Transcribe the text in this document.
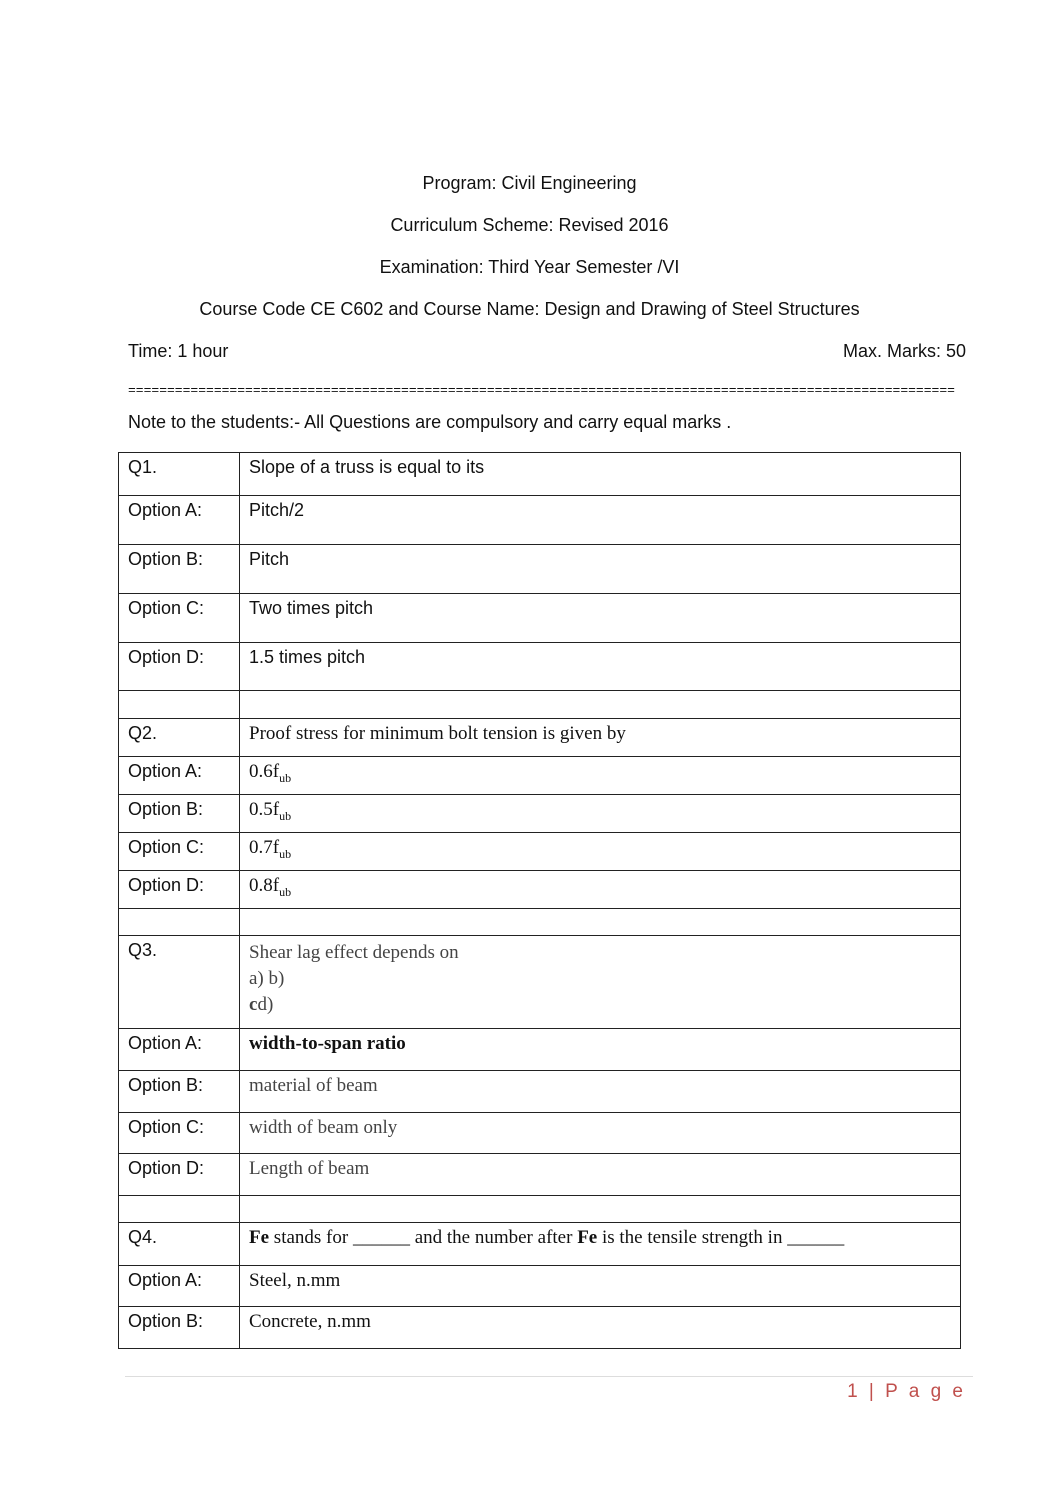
Program: Civil Engineering
Curriculum Scheme: Revised 2016
Examination: Third Year Semester /VI
Course Code CE C602 and Course Name: Design and Drawing of Steel Structures
Time: 1 hour	Max. Marks: 50
==========================================================================================================
Note to the students:- All Questions are compulsory and carry equal marks .
Q1.	Slope of a truss is equal to its
Option A:	Pitch/2
Option B:	Pitch
Option C:	Two times pitch
Option D:	1.5 times pitch

Q2.	Proof stress for minimum bolt tension is given by
Option A:	$0.6f_{ub}$
Option B:	$0.5f_{ub}$
Option C:	$0.7f_{ub}$
Option D:	$0.8f_{ub}$

Q3.	Shear lag effect depends on
a) b)
cd)

Option A:	width-to-span ratio
Option B:	material of beam
Option C:	width of beam only
Option D:	Length of beam

Q4.	Fe stands for ______ and the number after Fe is the tensile strength in ______
Option A:	Steel, n.mm
Option B:	Concrete, n.mm
1 | P a g e
